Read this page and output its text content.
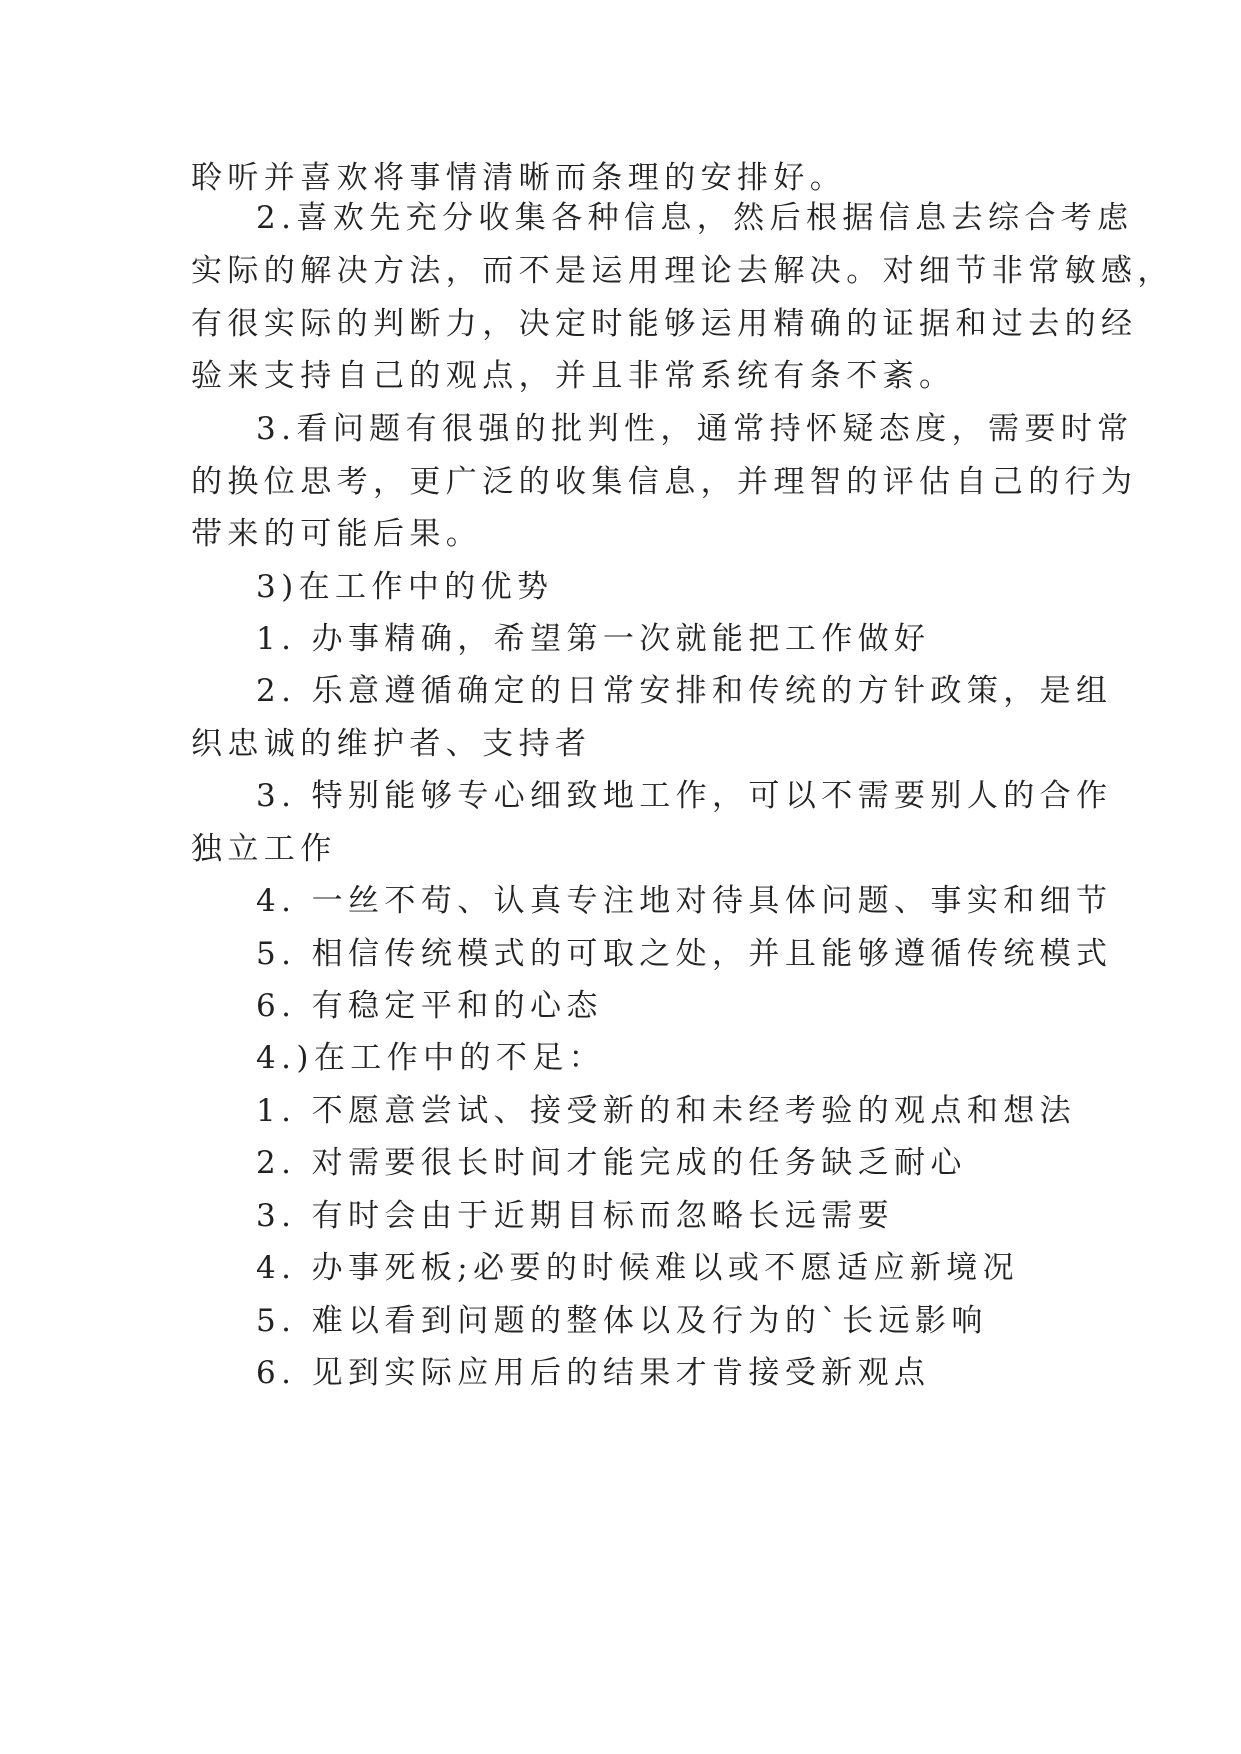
聆听并喜欢将事情清晰而条理的安排好。
2.喜欢先充分收集各种信息，然后根据信息去综合考虑
实际的解决方法，而不是运用理论去解决。对细节非常敏感，
有很实际的判断力，决定时能够运用精确的证据和过去的经
验来支持自己的观点，并且非常系统有条不紊。
3.看问题有很强的批判性，通常持怀疑态度，需要时常
的换位思考，更广泛的收集信息，并理智的评估自己的行为
带来的可能后果。
3)在工作中的优势
1. 办事精确，希望第一次就能把工作做好
2. 乐意遵循确定的日常安排和传统的方针政策，是组
织忠诚的维护者、支持者
3. 特别能够专心细致地工作，可以不需要别人的合作
独立工作
4. 一丝不苟、认真专注地对待具体问题、事实和细节
5. 相信传统模式的可取之处，并且能够遵循传统模式
6. 有稳定平和的心态
4.)在工作中的不足：
1. 不愿意尝试、接受新的和未经考验的观点和想法
2. 对需要很长时间才能完成的任务缺乏耐心
3. 有时会由于近期目标而忽略长远需要
4. 办事死板;必要的时候难以或不愿适应新境况
5. 难以看到问题的整体以及行为的`长远影响
6. 见到实际应用后的结果才肯接受新观点
